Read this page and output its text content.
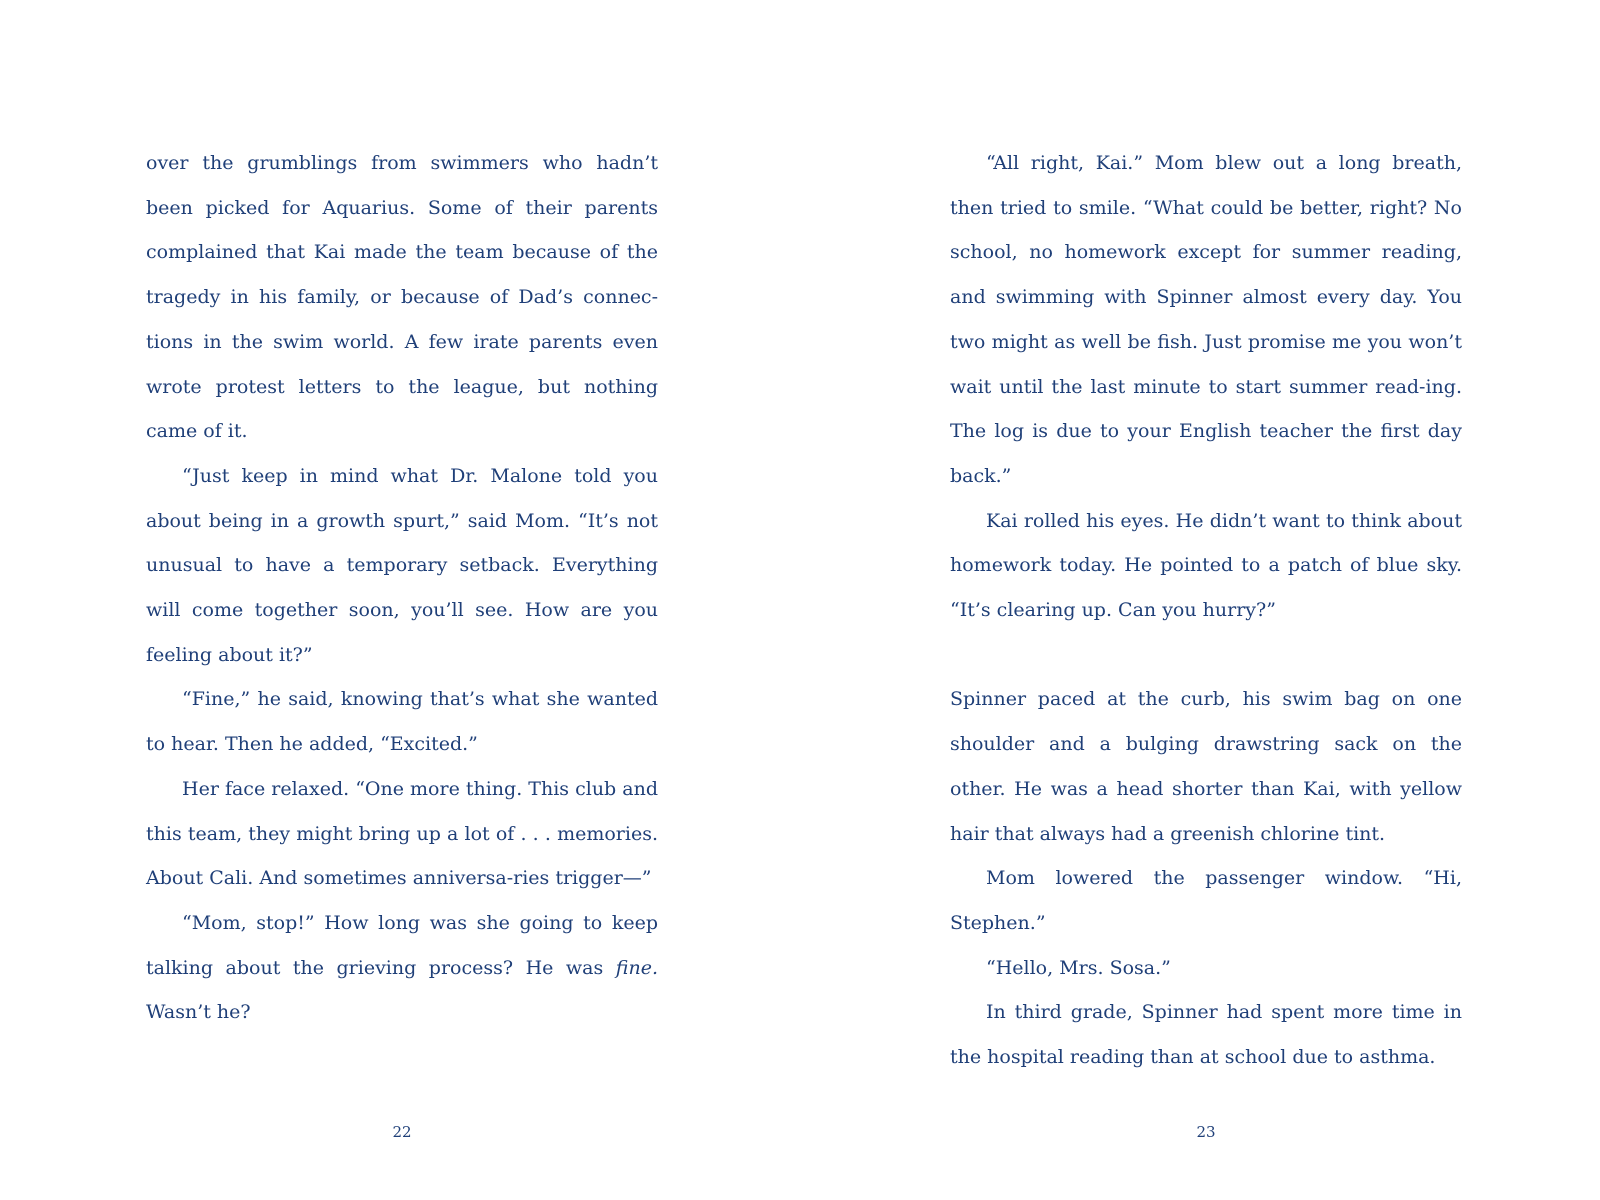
over the grumblings from swimmers who hadn’t been picked for Aquarius. Some of their parents complained that Kai made the team because of the tragedy in his family, or because of Dad’s connec-tions in the swim world. A few irate parents even wrote protest letters to the league, but nothing came of it.

“Just keep in mind what Dr. Malone told you about being in a growth spurt,” said Mom. “It’s not unusual to have a temporary setback. Everything will come together soon, you’ll see. How are you feeling about it?”

“Fine,” he said, knowing that’s what she wanted to hear. Then he added, “Excited.”

Her face relaxed. “One more thing. This club and this team, they might bring up a lot of . . . memories. About Cali. And sometimes anniversa-ries trigger—”

“Mom, stop!” How long was she going to keep talking about the grieving process? He was fine. Wasn’t he?

22

“All right, Kai.” Mom blew out a long breath, then tried to smile. “What could be better, right? No school, no homework except for summer reading, and swimming with Spinner almost every day. You two might as well be fish. Just promise me you won’t wait until the last minute to start summer read-ing. The log is due to your English teacher the first day back.”

Kai rolled his eyes. He didn’t want to think about homework today. He pointed to a patch of blue sky. “It’s clearing up. Can you hurry?”

Spinner paced at the curb, his swim bag on one shoulder and a bulging drawstring sack on the other. He was a head shorter than Kai, with yellow hair that always had a greenish chlorine tint.

Mom lowered the passenger window. “Hi, Stephen.”

“Hello, Mrs. Sosa.”

In third grade, Spinner had spent more time in the hospital reading than at school due to asthma.

23
